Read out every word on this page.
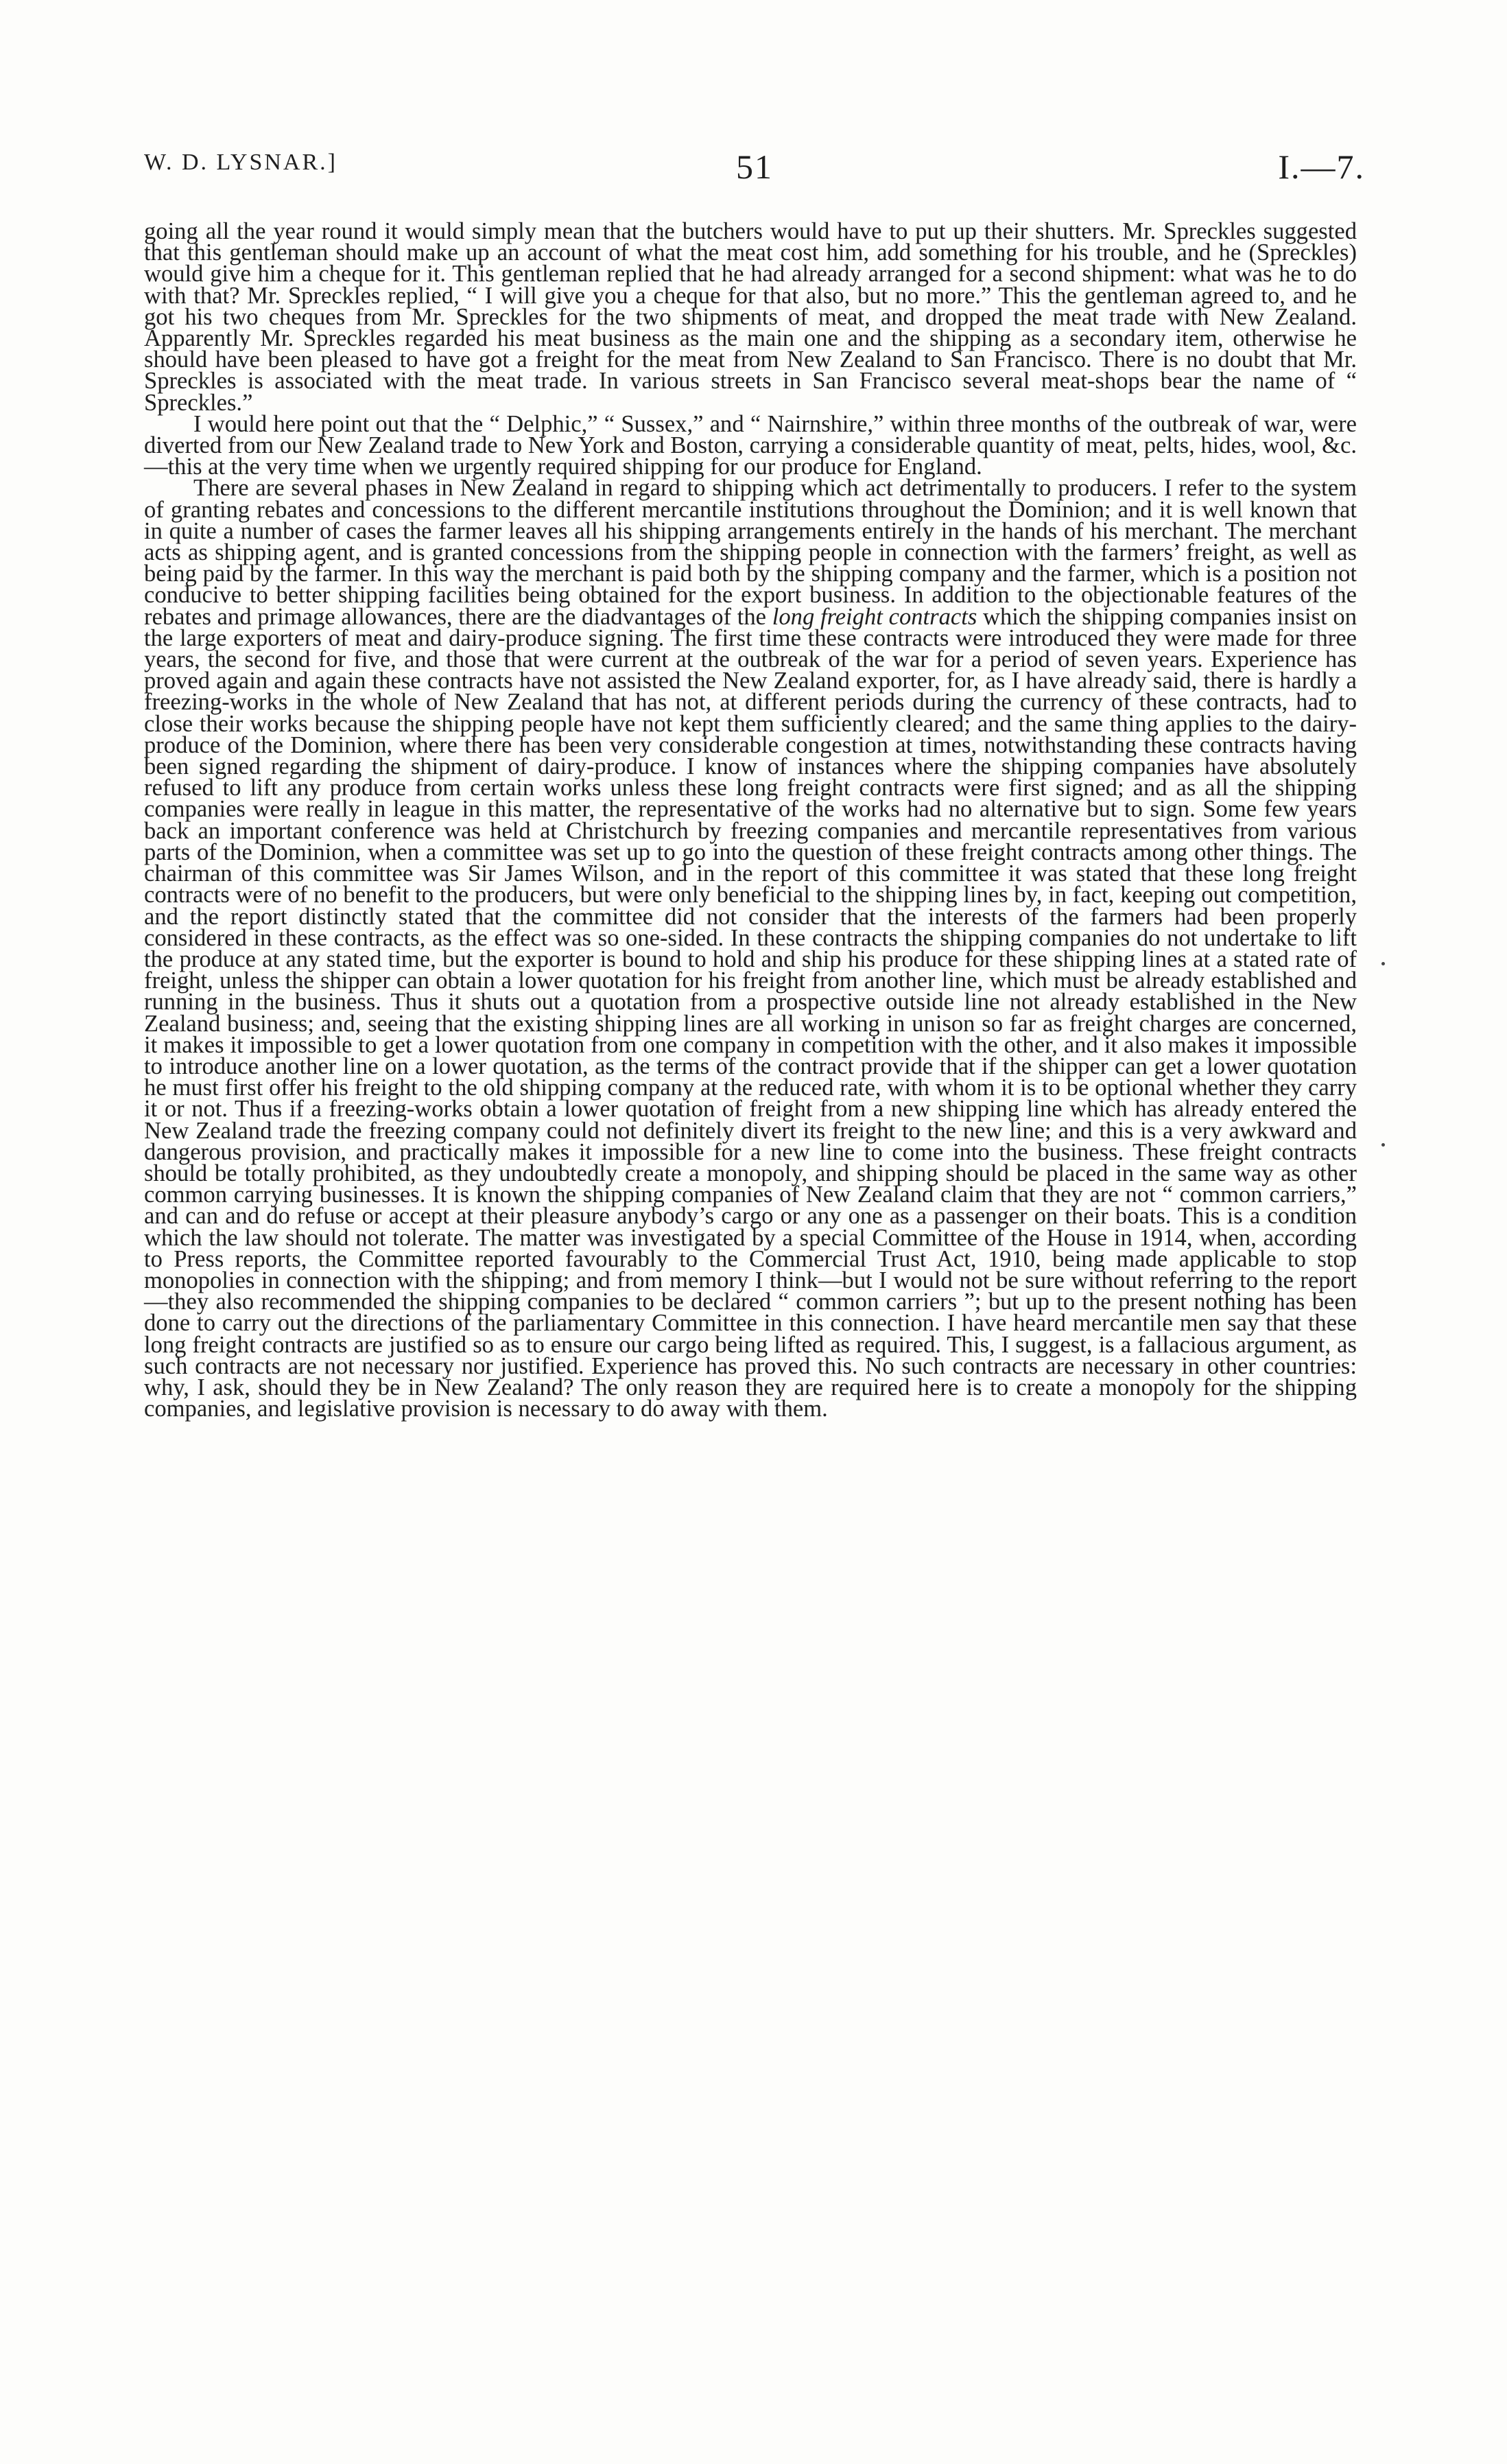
W. D. LYSNAR.]	51	I.—7.

going all the year round it would simply mean that the butchers would have to put up their shutters. Mr. Spreckles suggested that this gentleman should make up an account of what the meat cost him, add something for his trouble, and he (Spreckles) would give him a cheque for it. This gentleman replied that he had already arranged for a second shipment: what was he to do with that? Mr. Spreckles replied, “ I will give you a cheque for that also, but no more.” This the gentleman agreed to, and he got his two cheques from Mr. Spreckles for the two shipments of meat, and dropped the meat trade with New Zealand. Apparently Mr. Spreckles regarded his meat business as the main one and the shipping as a secondary item, otherwise he should have been pleased to have got a freight for the meat from New Zealand to San Francisco. There is no doubt that Mr. Spreckles is associated with the meat trade. In various streets in San Francisco several meat-shops bear the name of “ Spreckles.”

I would here point out that the “ Delphic,” “ Sussex,” and “ Nairnshire,” within three months of the outbreak of war, were diverted from our New Zealand trade to New York and Boston, carrying a considerable quantity of meat, pelts, hides, wool, &c.—this at the very time when we urgently required shipping for our produce for England.

There are several phases in New Zealand in regard to shipping which act detrimentally to producers. I refer to the system of granting rebates and concessions to the different mercantile institutions throughout the Dominion; and it is well known that in quite a number of cases the farmer leaves all his shipping arrangements entirely in the hands of his merchant. The merchant acts as shipping agent, and is granted concessions from the shipping people in connection with the farmers’ freight, as well as being paid by the farmer. In this way the merchant is paid both by the shipping company and the farmer, which is a position not conducive to better shipping facilities being obtained for the export business. In addition to the objectionable features of the rebates and primage allowances, there are the diadvantages of the long freight contracts which the shipping companies insist on the large exporters of meat and dairy-produce signing. The first time these contracts were introduced they were made for three years, the second for five, and those that were current at the outbreak of the war for a period of seven years. Experience has proved again and again these contracts have not assisted the New Zealand exporter, for, as I have already said, there is hardly a freezing-works in the whole of New Zealand that has not, at different periods during the currency of these contracts, had to close their works because the shipping people have not kept them sufficiently cleared; and the same thing applies to the dairy-produce of the Dominion, where there has been very considerable congestion at times, notwithstanding these contracts having been signed regarding the shipment of dairy-produce. I know of instances where the shipping companies have absolutely refused to lift any produce from certain works unless these long freight contracts were first signed; and as all the shipping companies were really in league in this matter, the representative of the works had no alternative but to sign. Some few years back an important conference was held at Christchurch by freezing companies and mercantile representatives from various parts of the Dominion, when a committee was set up to go into the question of these freight contracts among other things. The chairman of this committee was Sir James Wilson, and in the report of this committee it was stated that these long freight contracts were of no benefit to the producers, but were only beneficial to the shipping lines by, in fact, keeping out competition, and the report distinctly stated that the committee did not consider that the interests of the farmers had been properly considered in these contracts, as the effect was so one-sided. In these contracts the shipping companies do not undertake to lift the produce at any stated time, but the exporter is bound to hold and ship his produce for these shipping lines at a stated rate of freight, unless the shipper can obtain a lower quotation for his freight from another line, which must be already established and running in the business. Thus it shuts out a quotation from a prospective outside line not already established in the New Zealand business; and, seeing that the existing shipping lines are all working in unison so far as freight charges are concerned, it makes it impossible to get a lower quotation from one company in competition with the other, and it also makes it impossible to introduce another line on a lower quotation, as the terms of the contract provide that if the shipper can get a lower quotation he must first offer his freight to the old shipping company at the reduced rate, with whom it is to be optional whether they carry it or not. Thus if a freezing-works obtain a lower quotation of freight from a new shipping line which has already entered the New Zealand trade the freezing company could not definitely divert its freight to the new line; and this is a very awkward and dangerous provision, and practically makes it impossible for a new line to come into the business. These freight contracts should be totally prohibited, as they undoubtedly create a monopoly, and shipping should be placed in the same way as other common carrying businesses. It is known the shipping companies of New Zealand claim that they are not “ common carriers,” and can and do refuse or accept at their pleasure anybody’s cargo or any one as a passenger on their boats. This is a condition which the law should not tolerate. The matter was investigated by a special Committee of the House in 1914, when, according to Press reports, the Committee reported favourably to the Commercial Trust Act, 1910, being made applicable to stop monopolies in connection with the shipping; and from memory I think—but I would not be sure without referring to the report—they also recommended the shipping companies to be declared “ common carriers ”; but up to the present nothing has been done to carry out the directions of the parliamentary Committee in this connection. I have heard mercantile men say that these long freight contracts are justified so as to ensure our cargo being lifted as required. This, I suggest, is a fallacious argument, as such contracts are not necessary nor justified. Experience has proved this. No such contracts are necessary in other countries: why, I ask, should they be in New Zealand? The only reason they are required here is to create a monopoly for the shipping companies, and legislative provision is necessary to do away with them.
